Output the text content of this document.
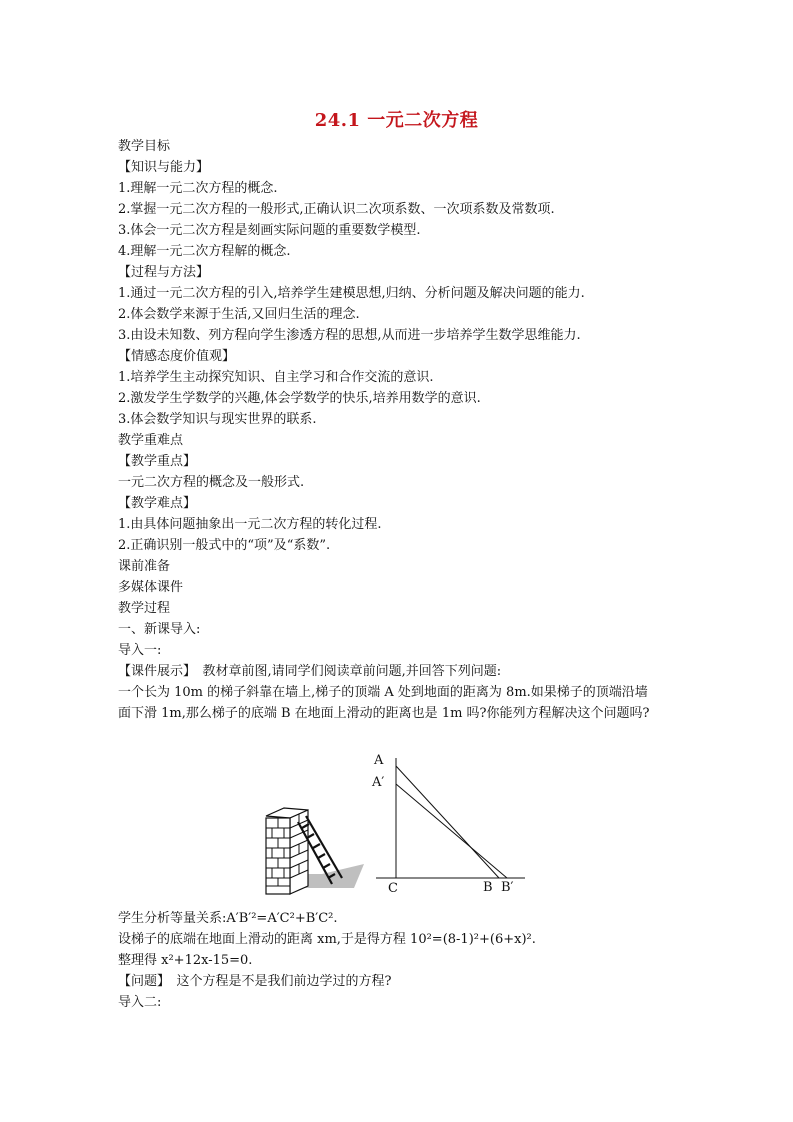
24.1 一元二次方程
教学目标
【知识与能力】
1.理解一元二次方程的概念.
2.掌握一元二次方程的一般形式,正确认识二次项系数、一次项系数及常数项.
3.体会一元二次方程是刻画实际问题的重要数学模型.
4.理解一元二次方程解的概念.
【过程与方法】
1.通过一元二次方程的引入,培养学生建模思想,归纳、分析问题及解决问题的能力.
2.体会数学来源于生活,又回归生活的理念.
3.由设未知数、列方程向学生渗透方程的思想,从而进一步培养学生数学思维能力.
【情感态度价值观】
1.培养学生主动探究知识、自主学习和合作交流的意识.
2.激发学生学数学的兴趣,体会学数学的快乐,培养用数学的意识.
3.体会数学知识与现实世界的联系.
教学重难点
【教学重点】
一元二次方程的概念及一般形式.
【教学难点】
1.由具体问题抽象出一元二次方程的转化过程.
2.正确识别一般式中的“项”及“系数”.
课前准备
多媒体课件
教学过程
一、新课导入:
导入一:
【课件展示】　教材章前图,请同学们阅读章前问题,并回答下列问题:
一个长为 10m 的梯子斜靠在墙上,梯子的顶端 A 处到地面的距离为 8m.如果梯子的顶端沿墙
面下滑 1m,那么梯子的底端 B 在地面上滑动的距离也是 1m 吗?你能列方程解决这个问题吗?
A
A′
C	B B′
学生分析等量关系:A′B′²=A′C²+B′C².
设梯子的底端在地面上滑动的距离 xm,于是得方程 10²=(8-1)²+(6+x)².
整理得 x²+12x-15=0.
【问题】　这个方程是不是我们前边学过的方程?
导入二:
